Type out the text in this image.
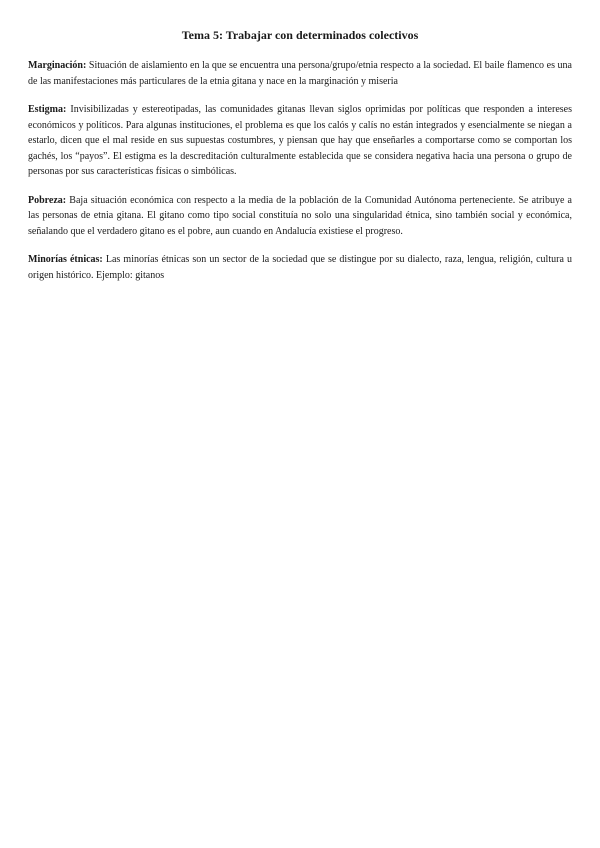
Tema 5: Trabajar con determinados colectivos

Marginación: Situación de aislamiento en la que se encuentra una persona/grupo/etnia respecto a la sociedad. El baile flamenco es una de las manifestaciones más particulares de la etnia gitana y nace en la marginación y miseria

Estigma: Invisibilizadas y estereotipadas, las comunidades gitanas llevan siglos oprimidas por políticas que responden a intereses económicos y políticos. Para algunas instituciones, el problema es que los calós y calís no están integrados y esencialmente se niegan a estarlo, dicen que el mal reside en sus supuestas costumbres, y piensan que hay que enseñarles a comportarse como se comportan los gachés, los “payos”. El estigma es la descreditación culturalmente establecida que se considera negativa hacia una persona o grupo de personas por sus características físicas o simbólicas.

Pobreza: Baja situación económica con respecto a la media de la población de la Comunidad Autónoma perteneciente. Se atribuye a las personas de etnia gitana. El gitano como tipo social constituía no solo una singularidad étnica, sino también social y económica, señalando que el verdadero gitano es el pobre, aun cuando en Andalucía existiese el progreso.

Minorías étnicas: Las minorías étnicas son un sector de la sociedad que se distingue por su dialecto, raza, lengua, religión, cultura u origen histórico. Ejemplo: gitanos
